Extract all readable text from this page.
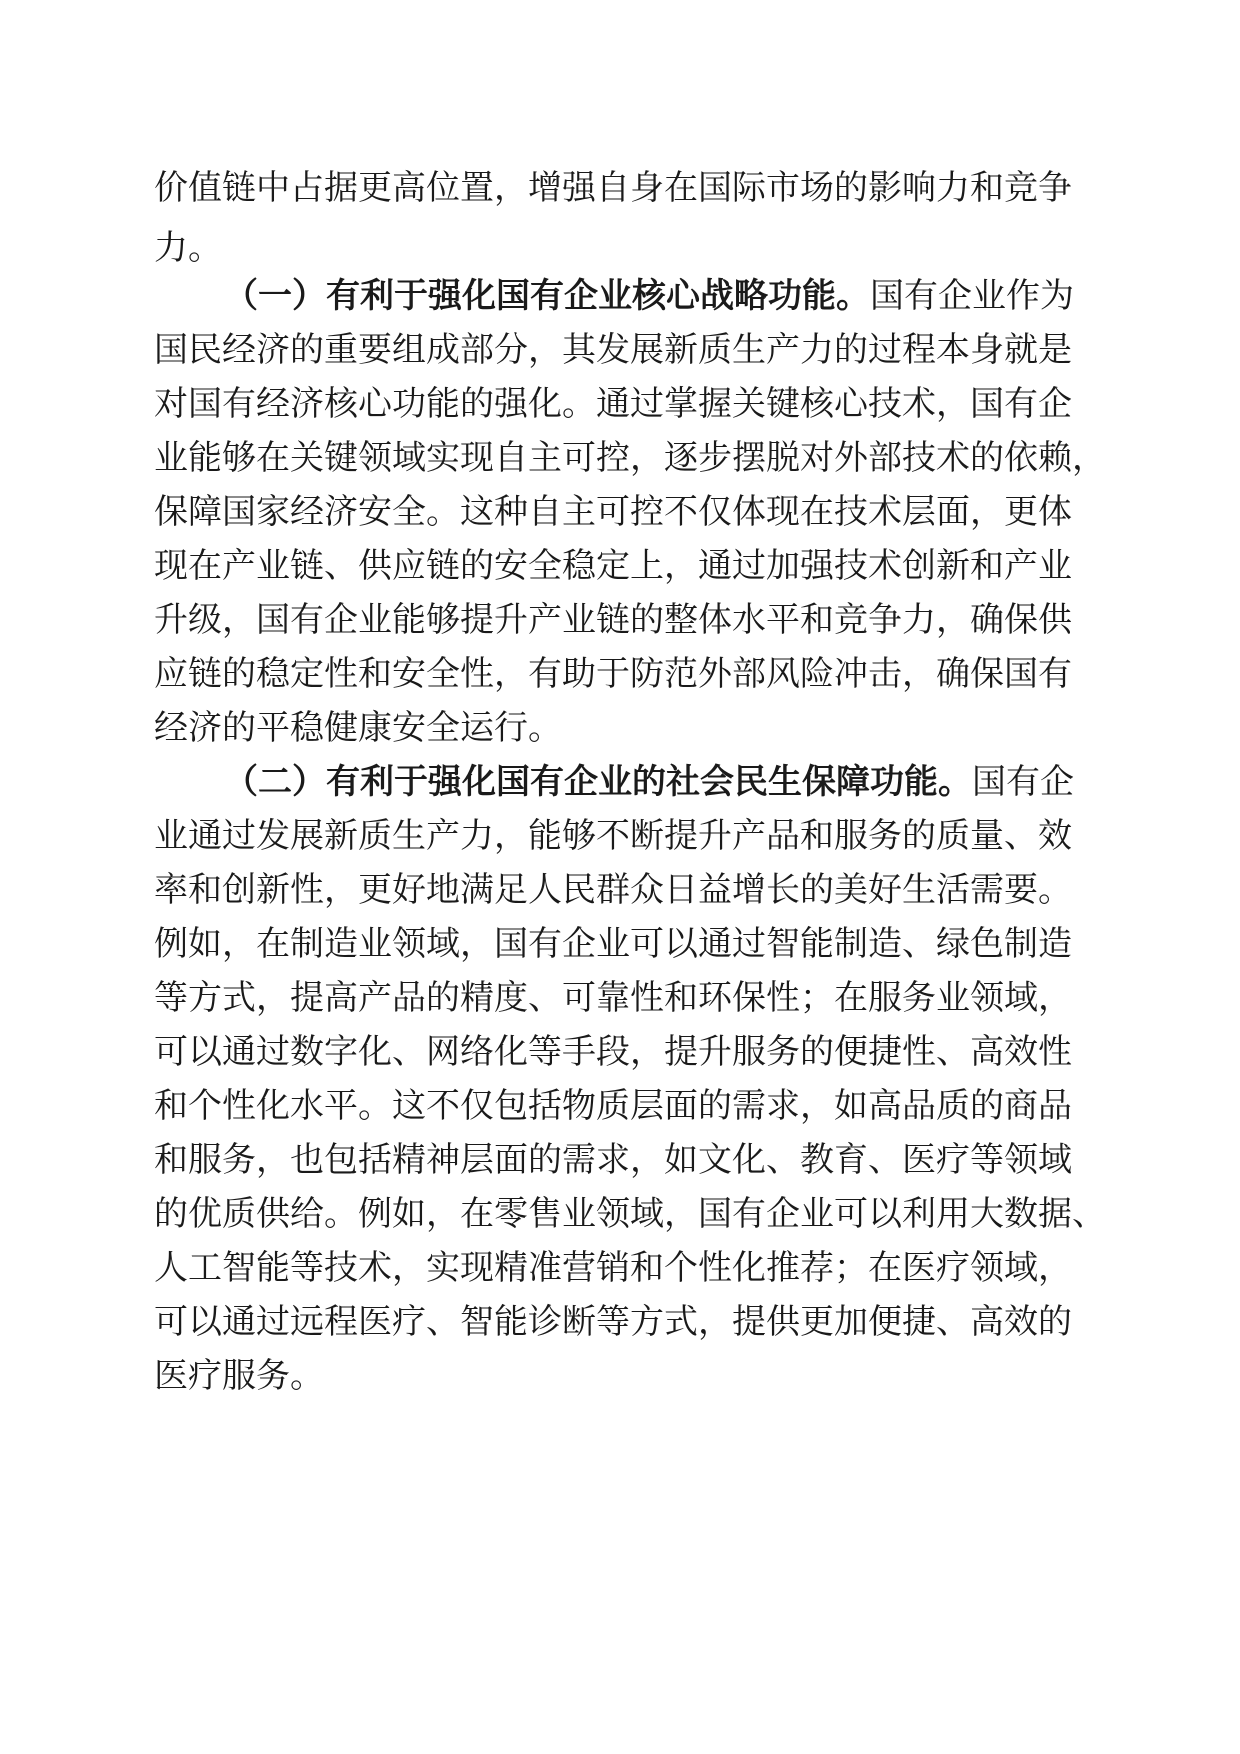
价值链中占据更高位置，增强自身在国际市场的影响力和竞争
力。
（一）有利于强化国有企业核心战略功能。国有企业作为
国民经济的重要组成部分，其发展新质生产力的过程本身就是
对国有经济核心功能的强化。通过掌握关键核心技术，国有企
业能够在关键领域实现自主可控，逐步摆脱对外部技术的依赖，
保障国家经济安全。这种自主可控不仅体现在技术层面，更体
现在产业链、供应链的安全稳定上，通过加强技术创新和产业
升级，国有企业能够提升产业链的整体水平和竞争力，确保供
应链的稳定性和安全性，有助于防范外部风险冲击，确保国有
经济的平稳健康安全运行。
（二）有利于强化国有企业的社会民生保障功能。国有企
业通过发展新质生产力，能够不断提升产品和服务的质量、效
率和创新性，更好地满足人民群众日益增长的美好生活需要。
例如，在制造业领域，国有企业可以通过智能制造、绿色制造
等方式，提高产品的精度、可靠性和环保性；在服务业领域，
可以通过数字化、网络化等手段，提升服务的便捷性、高效性
和个性化水平。这不仅包括物质层面的需求，如高品质的商品
和服务，也包括精神层面的需求，如文化、教育、医疗等领域
的优质供给。例如，在零售业领域，国有企业可以利用大数据、
人工智能等技术，实现精准营销和个性化推荐；在医疗领域，
可以通过远程医疗、智能诊断等方式，提供更加便捷、高效的
医疗服务。
